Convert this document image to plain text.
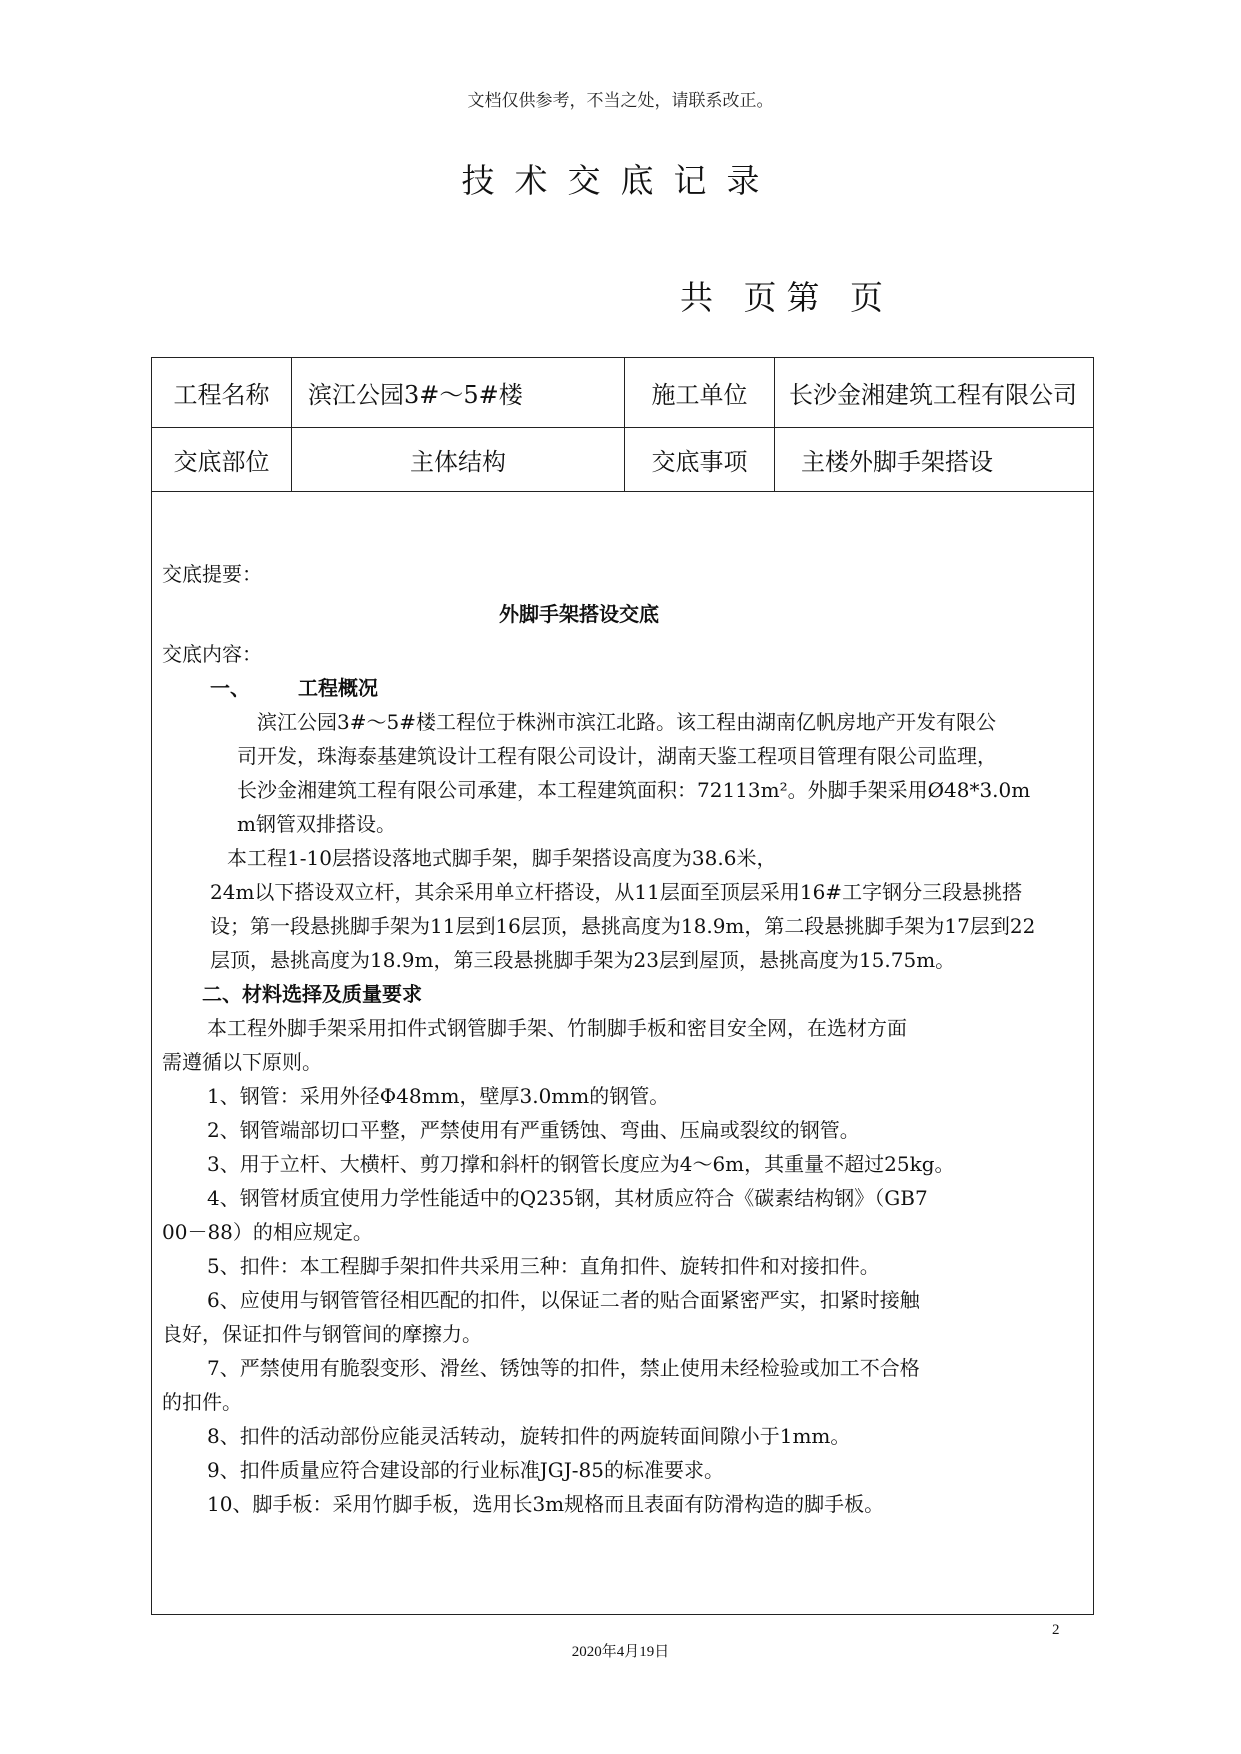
文档仅供参考，不当之处，请联系改正。
技术交底记录
共 页第 页
工程名称	滨江公园3#～5#楼	施工单位	长沙金湘建筑工程有限公司
交底部位	主体结构	交底事项	主楼外脚手架搭设
交底提要：
外脚手架搭设交底
交底内容：
一、 工程概况
滨江公园3#～5#楼工程位于株洲市滨江北路。该工程由湖南亿帆房地产开发有限公
司开发，珠海泰基建筑设计工程有限公司设计，湖南天鉴工程项目管理有限公司监理，
长沙金湘建筑工程有限公司承建，本工程建筑面积：72113m²。外脚手架采用Ø48*3.0m
m钢管双排搭设。
本工程1-10层搭设落地式脚手架，脚手架搭设高度为38.6米，
24m以下搭设双立杆，其余采用单立杆搭设，从11层面至顶层采用16#工字钢分三段悬挑搭
设；第一段悬挑脚手架为11层到16层顶，悬挑高度为18.9m，第二段悬挑脚手架为17层到22
层顶，悬挑高度为18.9m，第三段悬挑脚手架为23层到屋顶，悬挑高度为15.75m。
二、材料选择及质量要求
本工程外脚手架采用扣件式钢管脚手架、竹制脚手板和密目安全网，在选材方面
需遵循以下原则。
1、钢管：采用外径Φ48mm，壁厚3.0mm的钢管。
2、钢管端部切口平整，严禁使用有严重锈蚀、弯曲、压扁或裂纹的钢管。
3、用于立杆、大横杆、剪刀撑和斜杆的钢管长度应为4～6m，其重量不超过25kg。
4、钢管材质宜使用力学性能适中的Q235钢，其材质应符合《碳素结构钢》（GB7
00－88）的相应规定。
5、扣件：本工程脚手架扣件共采用三种：直角扣件、旋转扣件和对接扣件。
6、应使用与钢管管径相匹配的扣件，以保证二者的贴合面紧密严实，扣紧时接触
良好，保证扣件与钢管间的摩擦力。
7、严禁使用有脆裂变形、滑丝、锈蚀等的扣件，禁止使用未经检验或加工不合格
的扣件。
8、扣件的活动部份应能灵活转动，旋转扣件的两旋转面间隙小于1mm。
9、扣件质量应符合建设部的行业标准JGJ-85的标准要求。
10、脚手板：采用竹脚手板，选用长3m规格而且表面有防滑构造的脚手板。
2
2020年4月19日
